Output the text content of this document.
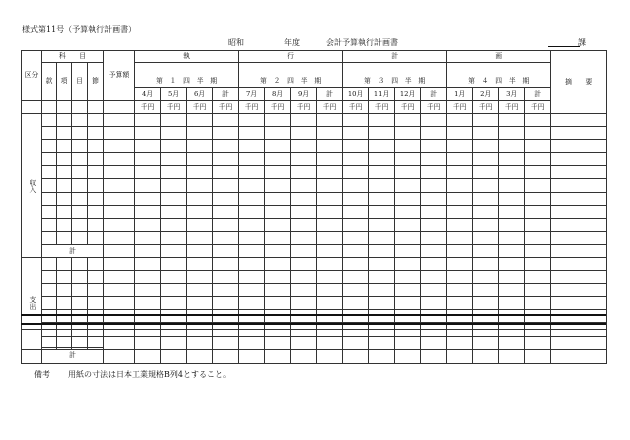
様式第11号（予算執行計画書）
昭和	年度	会計予算執行計画書	課
区分	科　　目				予算額	執				行				計				画				摘　　要
	款	項	目	節		第　１　四　半　期				第　２　四　半　期				第　３　四　半　期				第　４　四　半　期				
						4月	5月	6月	計	7月	8月	9月	計	10月	11月	12月	計	1月	2月	3月	計	
						千円	千円	千円	千円	千円	千円	千円	千円	千円	千円	千円	千円	千円	千円	千円	千円	
収入																						

	計																					
支出																						

計
備考 用紙の寸法は日本工業規格B列4とすること。
